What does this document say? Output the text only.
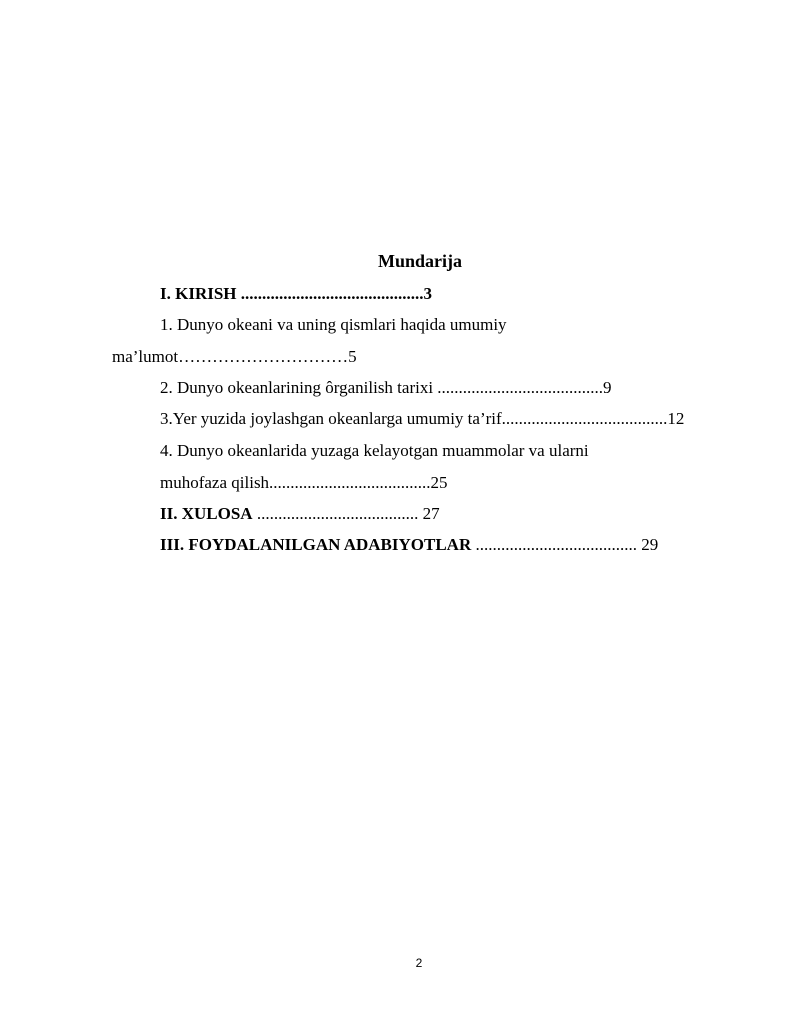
Mundarija
I. KIRISH ...........................................3
1. Dunyo okeani va uning qismlari haqida umumiy
ma’lumot…………………………5
2. Dunyo okeanlarining ôrganilish tarixi .......................................9
3.Yer yuzida joylashgan okeanlarga umumiy ta’rif.......................................12
4. Dunyo okeanlarida yuzaga kelayotgan muammolar va ularni
muhofaza qilish......................................25
II. XULOSA ...................................... 27
III. FOYDALANILGAN ADABIYOTLAR ...................................... 29
2
